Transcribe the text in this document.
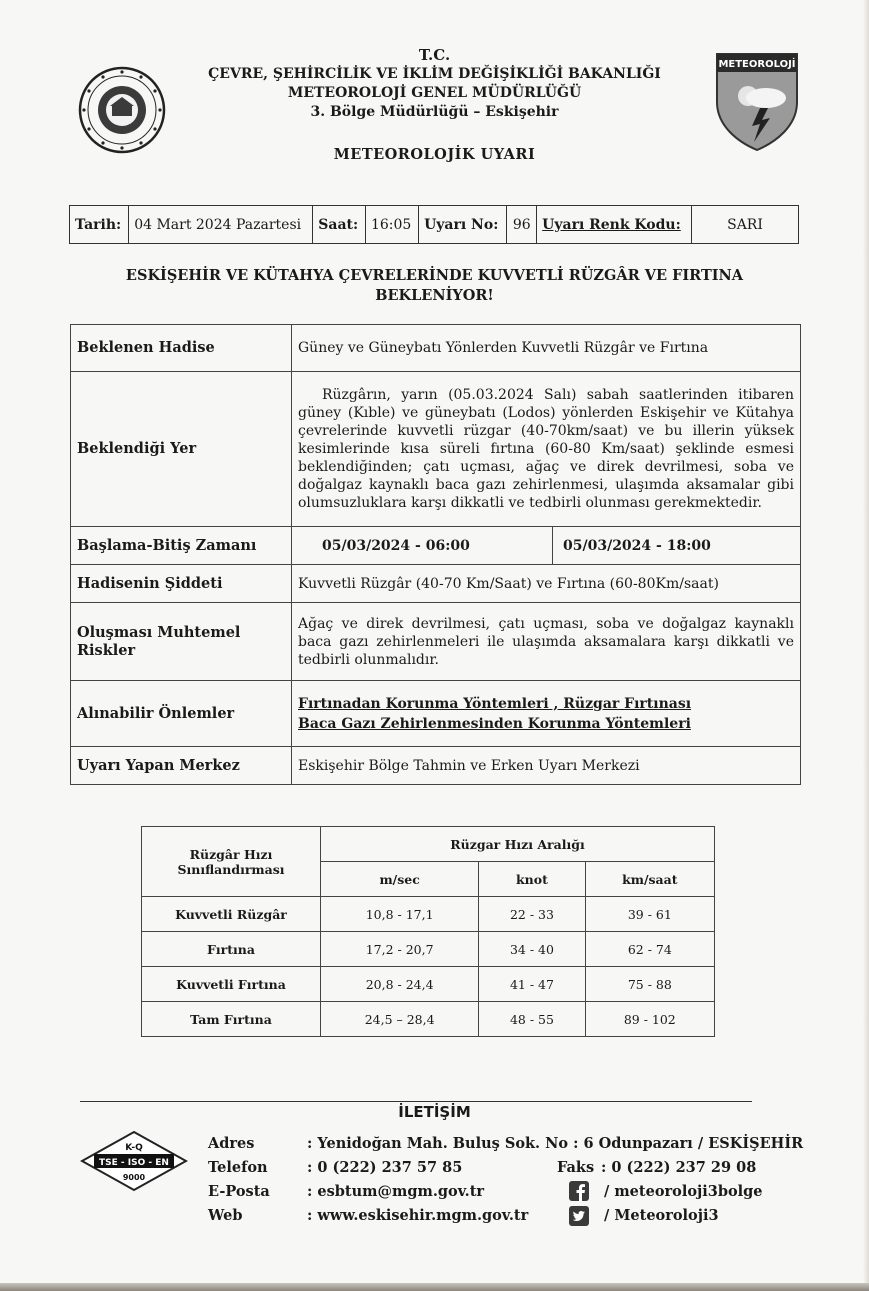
T.C.
ÇEVRE, ŞEHİRCİLİK VE İKLİM DEĞİŞİKLİĞİ BAKANLIĞI
METEOROLOJİ GENEL MÜDÜRLÜĞÜ
3. Bölge Müdürlüğü – Eskişehir
METEOROLOJİK UYARI
METEOROLOJİ
Tarih:	04 Mart 2024 Pazartesi	Saat:	16:05	Uyarı No:	96	Uyarı Renk Kodu:	SARI
ESKİŞEHİR VE KÜTAHYA ÇEVRELERİNDE KUVVETLİ RÜZGÂR VE FIRTINA BEKLENİYOR!
Beklenen Hadise	Güney ve Güneybatı Yönlerden Kuvvetli Rüzgâr ve Fırtına	
Beklendiği Yer	Rüzgârın, yarın (05.03.2024 Salı) sabah saatlerinden itibaren güney (Kıble) ve güneybatı (Lodos) yönlerden Eskişehir ve Kütahya çevrelerinde kuvvetli rüzgar (40-70km/saat) ve bu illerin yüksek kesimlerinde kısa süreli fırtına (60-80 Km/saat) şeklinde esmesi beklendiğinden; çatı uçması, ağaç ve direk devrilmesi, soba ve doğalgaz kaynaklı baca gazı zehirlenmesi, ulaşımda aksamalar gibi olumsuzluklara karşı dikkatli ve tedbirli olunması gerekmektedir.	

Başlama-Bitiş Zamanı	05/03/2024 - 06:00	05/03/2024 - 18:00
Hadisenin Şiddeti	Kuvvetli Rüzgâr (40-70 Km/Saat) ve Fırtına (60-80Km/saat)	
Oluşması Muhtemel Riskler	Ağaç ve direk devrilmesi, çatı uçması, soba ve doğalgaz kaynaklı baca gazı zehirlenmeleri ile ulaşımda aksamalara karşı dikkatli ve tedbirli olunmalıdır.	
Alınabilir Önlemler	Fırtınadan Korunma Yöntemleri , Rüzgar Fırtınası
Baca Gazı Zehirlenmesinden Korunma Yöntemleri	

Uyarı Yapan Merkez	Eskişehir Bölge Tahmin ve Erken Uyarı Merkezi	
Rüzgâr Hızı Sınıflandırması	Rüzgar Hızı Aralığı		
	m/sec	knot	km/saat
Kuvvetli Rüzgâr	10,8 - 17,1	22 - 33	39 - 61
Fırtına	17,2 - 20,7	34 - 40	62 - 74
Kuvvetli Fırtına	20,8 - 24,4	41 - 47	75 - 88
Tam Fırtına	24,5 – 28,4	48 - 55	89 - 102
İLETİŞİM
K-Q
TSE - ISO - EN
9000
Adres	: Yenidoğan Mah. Buluş Sok. No : 6 Odunpazarı / ESKİŞEHİR
Telefon	: 0 (222) 237 57 85	Faks : 0 (222) 237 29 08
E-Posta	: esbtum@mgm.gov.tr	/ meteoroloji3bolge
Web	: www.eskisehir.mgm.gov.tr	/ Meteoroloji3
